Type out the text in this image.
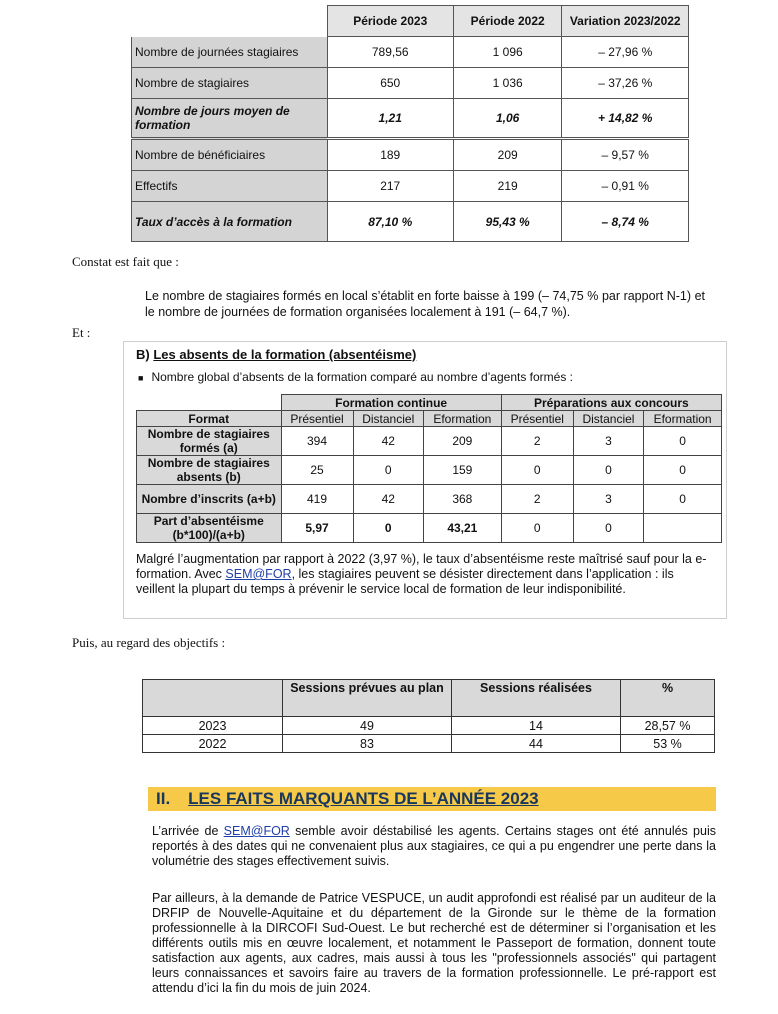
	Période 2023	Période 2022	Variation 2023/2022
Nombre de journées stagiaires	789,56	1 096	– 27,96 %
Nombre de stagiaires	650	1 036	– 37,26 %
Nombre de jours moyen de formation	1,21	1,06	+ 14,82 %
Nombre de bénéficiaires	189	209	– 9,57 %
Effectifs	217	219	– 0,91 %
Taux d’accès à la formation	87,10 %	95,43 %	– 8,74 %
Constat est fait que :
Le nombre de stagiaires formés en local s’établit en forte baisse à 199 (– 74,75 % par rapport N-1) et le nombre de journées de formation organisées localement à 191 (– 64,7 %).
Et :
B) Les absents de la formation (absentéisme)
■ Nombre global d’absents de la formation comparé au nombre d’agents formés :
	Formation continue			Préparations aux concours		
Format	Présentiel	Distanciel	Eformation	Présentiel	Distanciel	Eformation
Nombre de stagiaires formés (a)	394	42	209	2	3	0
Nombre de stagiaires absents (b)	25	0	159	0	0	0
Nombre d’inscrits (a+b)	419	42	368	2	3	0
Part d’absentéisme (b*100)/(a+b)	5,97	0	43,21	0	0	
Malgré l’augmentation par rapport à 2022 (3,97 %), le taux d’absentéisme reste maîtrisé sauf pour la e-formation. Avec SEM@FOR, les stagiaires peuvent se désister directement dans l’application : ils veillent la plupart du temps à prévenir le service local de formation de leur indisponibilité.
Puis, au regard des objectifs :
	Sessions prévues au plan	Sessions réalisées	%
2023	49	14	28,57 %
2022	83	44	53 %
II. LES FAITS MARQUANTS DE L’ANNÉE 2023
L’arrivée de SEM@FOR semble avoir déstabilisé les agents. Certains stages ont été annulés puis reportés à des dates qui ne convenaient plus aux stagiaires, ce qui a pu engendrer une perte dans la volumétrie des stages effectivement suivis.
Par ailleurs, à la demande de Patrice VESPUCE, un audit approfondi est réalisé par un auditeur de la DRFIP de Nouvelle-Aquitaine et du département de la Gironde sur le thème de la formation professionnelle à la DIRCOFI Sud-Ouest. Le but recherché est de déterminer si l’organisation et les différents outils mis en œuvre localement, et notamment le Passeport de formation, donnent toute satisfaction aux agents, aux cadres, mais aussi à tous les "professionnels associés" qui partagent leurs connaissances et savoirs faire au travers de la formation professionnelle. Le pré-rapport est attendu d’ici la fin du mois de juin 2024.
